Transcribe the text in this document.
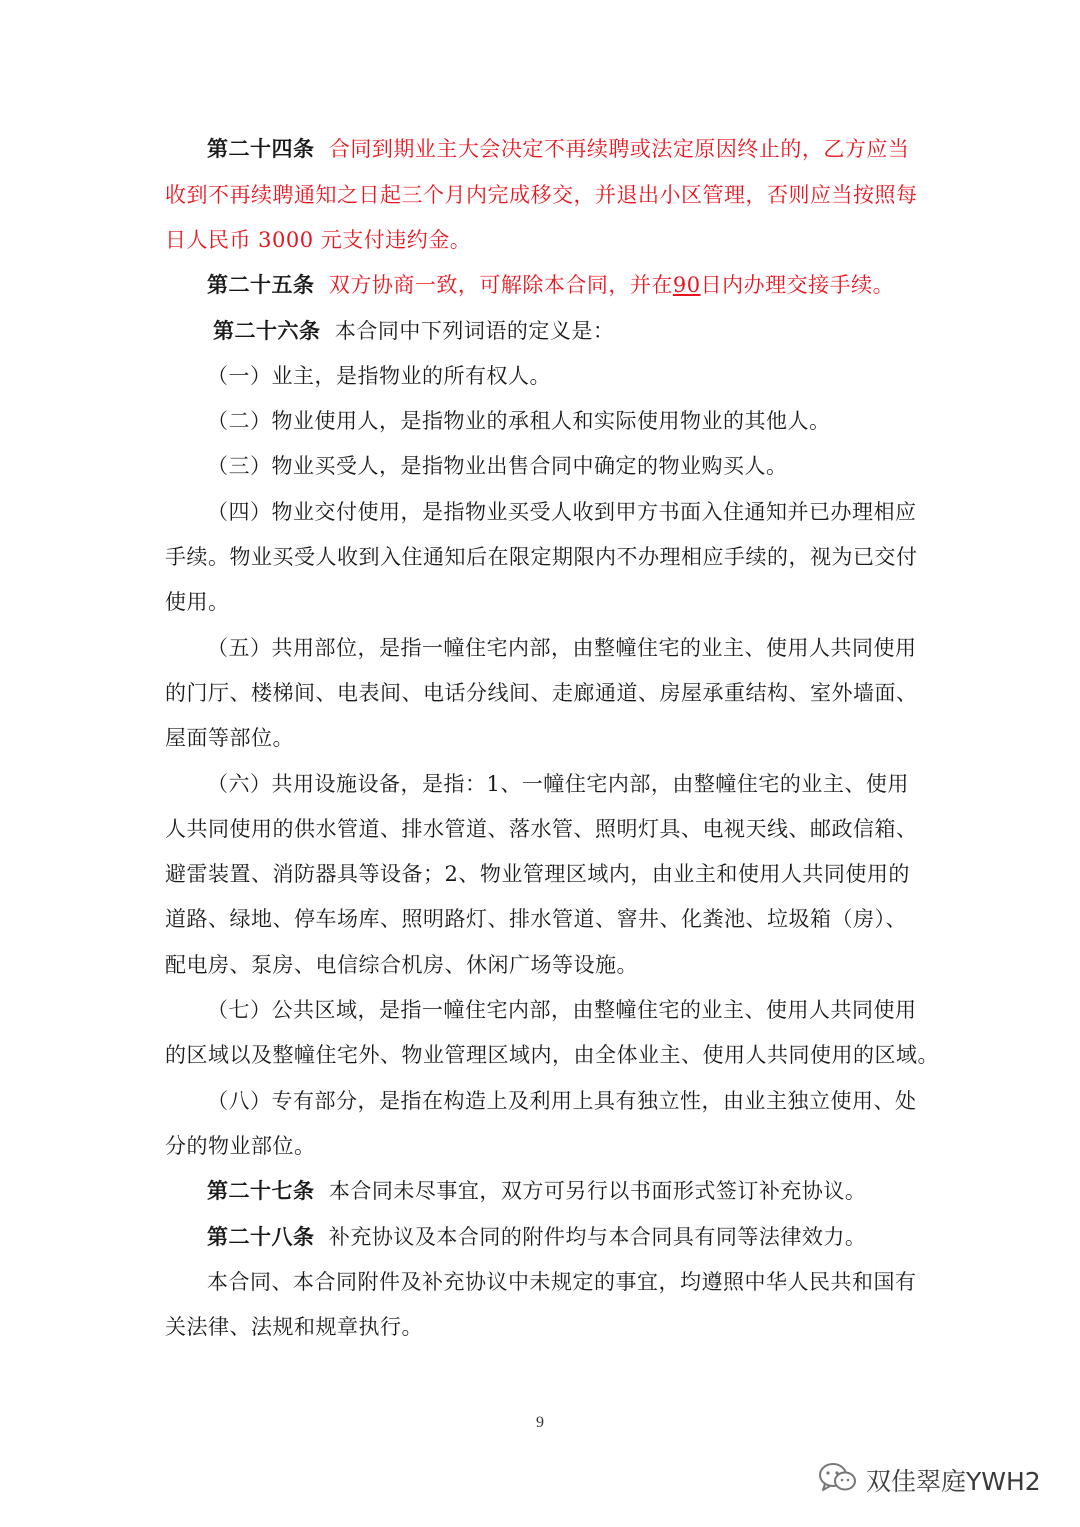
第二十四条 合同到期业主大会决定不再续聘或法定原因终止的，乙方应当
收到不再续聘通知之日起三个月内完成移交，并退出小区管理，否则应当按照每
日人民币 3000 元支付违约金。
第二十五条 双方协商一致，可解除本合同，并在90日内办理交接手续。
第二十六条 本合同中下列词语的定义是：
（一）业主，是指物业的所有权人。
（二）物业使用人，是指物业的承租人和实际使用物业的其他人。
（三）物业买受人，是指物业出售合同中确定的物业购买人。
（四）物业交付使用，是指物业买受人收到甲方书面入住通知并已办理相应
手续。物业买受人收到入住通知后在限定期限内不办理相应手续的，视为已交付
使用。
（五）共用部位，是指一幢住宅内部，由整幢住宅的业主、使用人共同使用
的门厅、楼梯间、电表间、电话分线间、走廊通道、房屋承重结构、室外墙面、
屋面等部位。
（六）共用设施设备，是指：1、一幢住宅内部，由整幢住宅的业主、使用
人共同使用的供水管道、排水管道、落水管、照明灯具、电视天线、邮政信箱、
避雷装置、消防器具等设备；2、物业管理区域内，由业主和使用人共同使用的
道路、绿地、停车场库、照明路灯、排水管道、窨井、化粪池、垃圾箱（房）、
配电房、泵房、电信综合机房、休闲广场等设施。
（七）公共区域，是指一幢住宅内部，由整幢住宅的业主、使用人共同使用
的区域以及整幢住宅外、物业管理区域内，由全体业主、使用人共同使用的区域。
（八）专有部分，是指在构造上及利用上具有独立性，由业主独立使用、处
分的物业部位。
第二十七条 本合同未尽事宜，双方可另行以书面形式签订补充协议。
第二十八条 补充协议及本合同的附件均与本合同具有同等法律效力。
本合同、本合同附件及补充协议中未规定的事宜，均遵照中华人民共和国有
关法律、法规和规章执行。
9
双佳翠庭YWH2
